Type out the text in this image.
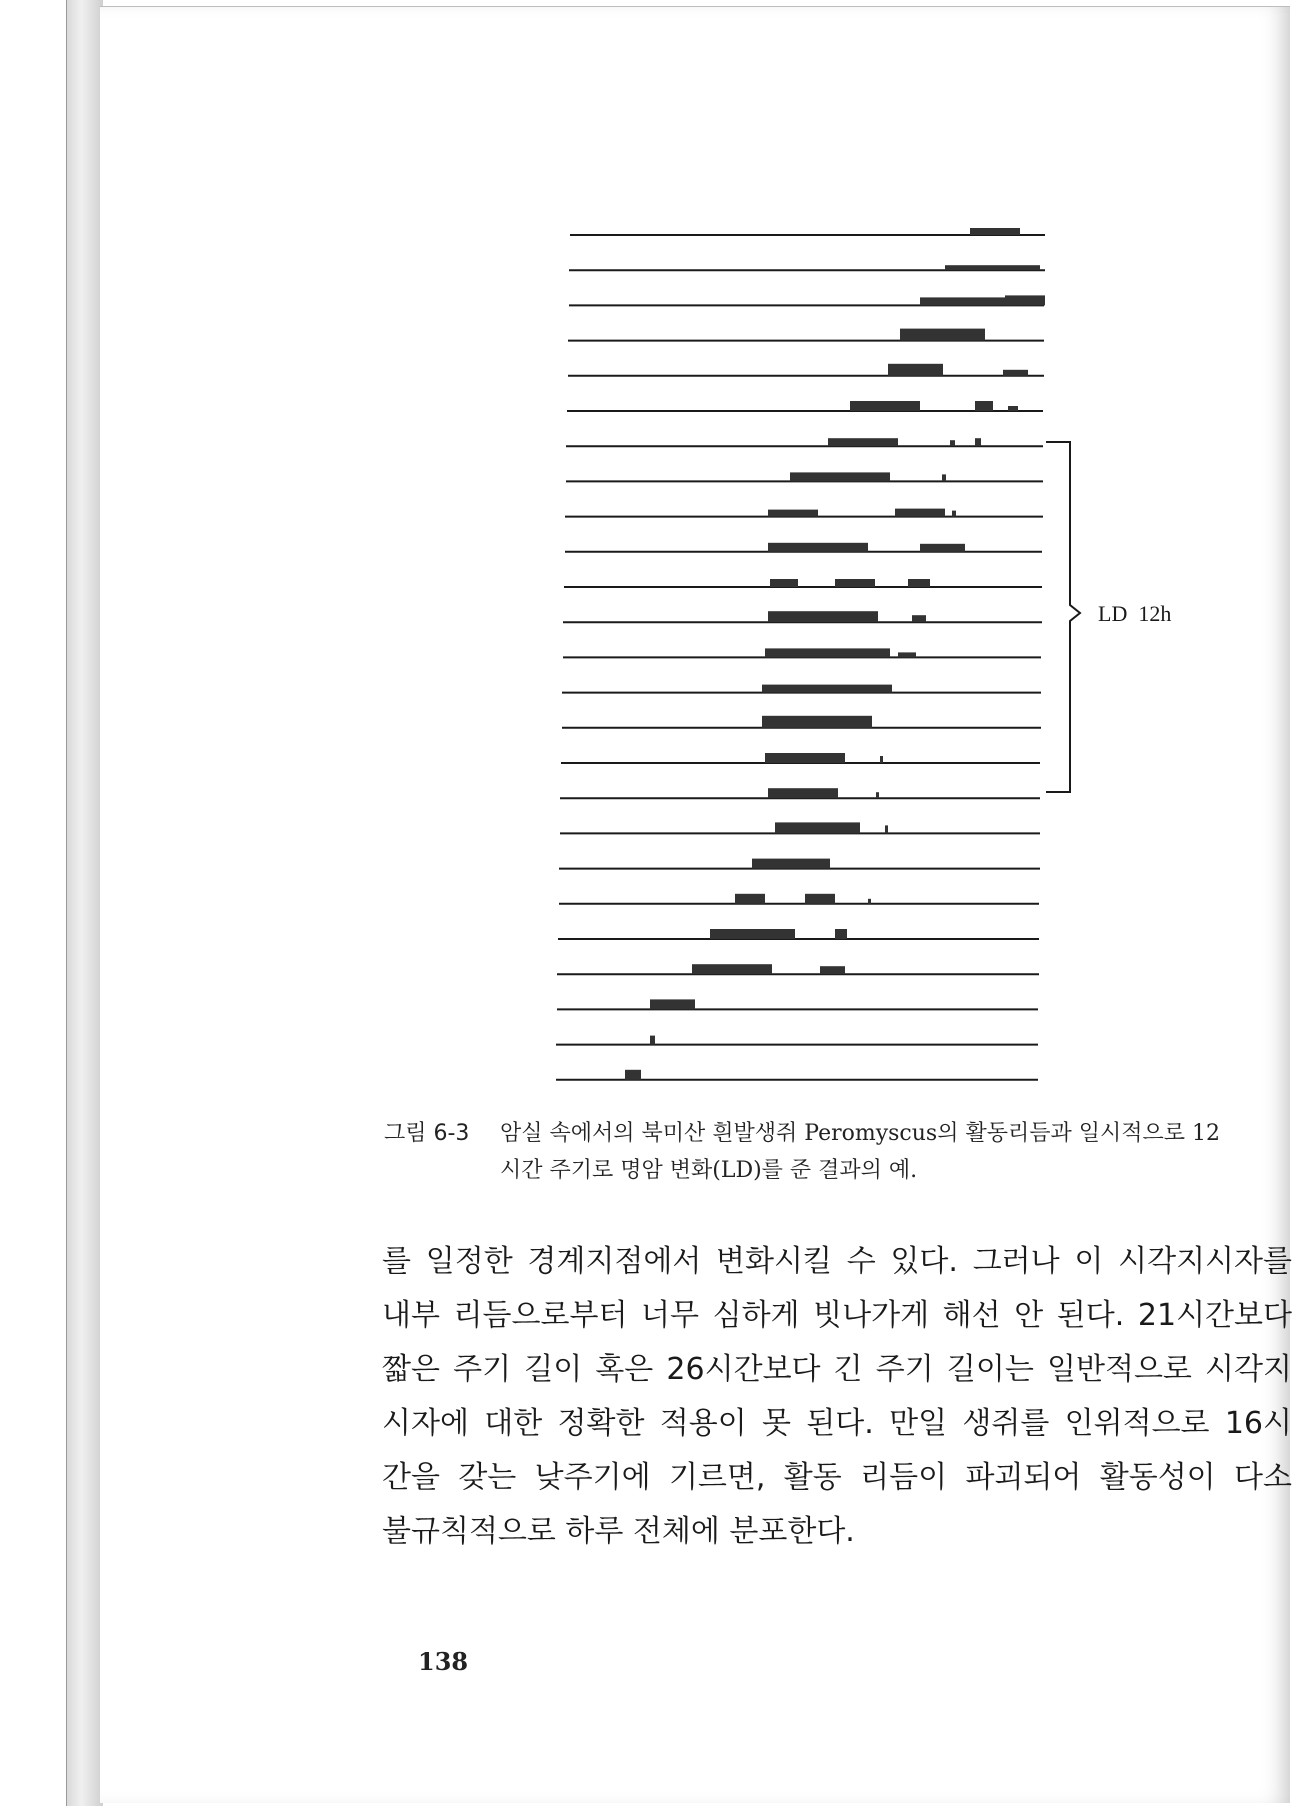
LD  12h
그림 6-3 암실 속에서의 북미산 흰발생쥐 Peromyscus의 활동리듬과 일시적으로 12
시간 주기로 명암 변화(LD)를 준 결과의 예.
를 일정한 경계지점에서 변화시킬 수 있다. 그러나 이 시각지시자를
내부 리듬으로부터 너무 심하게 빗나가게 해선 안 된다. 21시간보다
짧은 주기 길이 혹은 26시간보다 긴 주기 길이는 일반적으로 시각지
시자에 대한 정확한 적용이 못 된다. 만일 생쥐를 인위적으로 16시
간을 갖는 낮주기에 기르면, 활동 리듬이 파괴되어 활동성이 다소
불규칙적으로 하루 전체에 분포한다.
138
